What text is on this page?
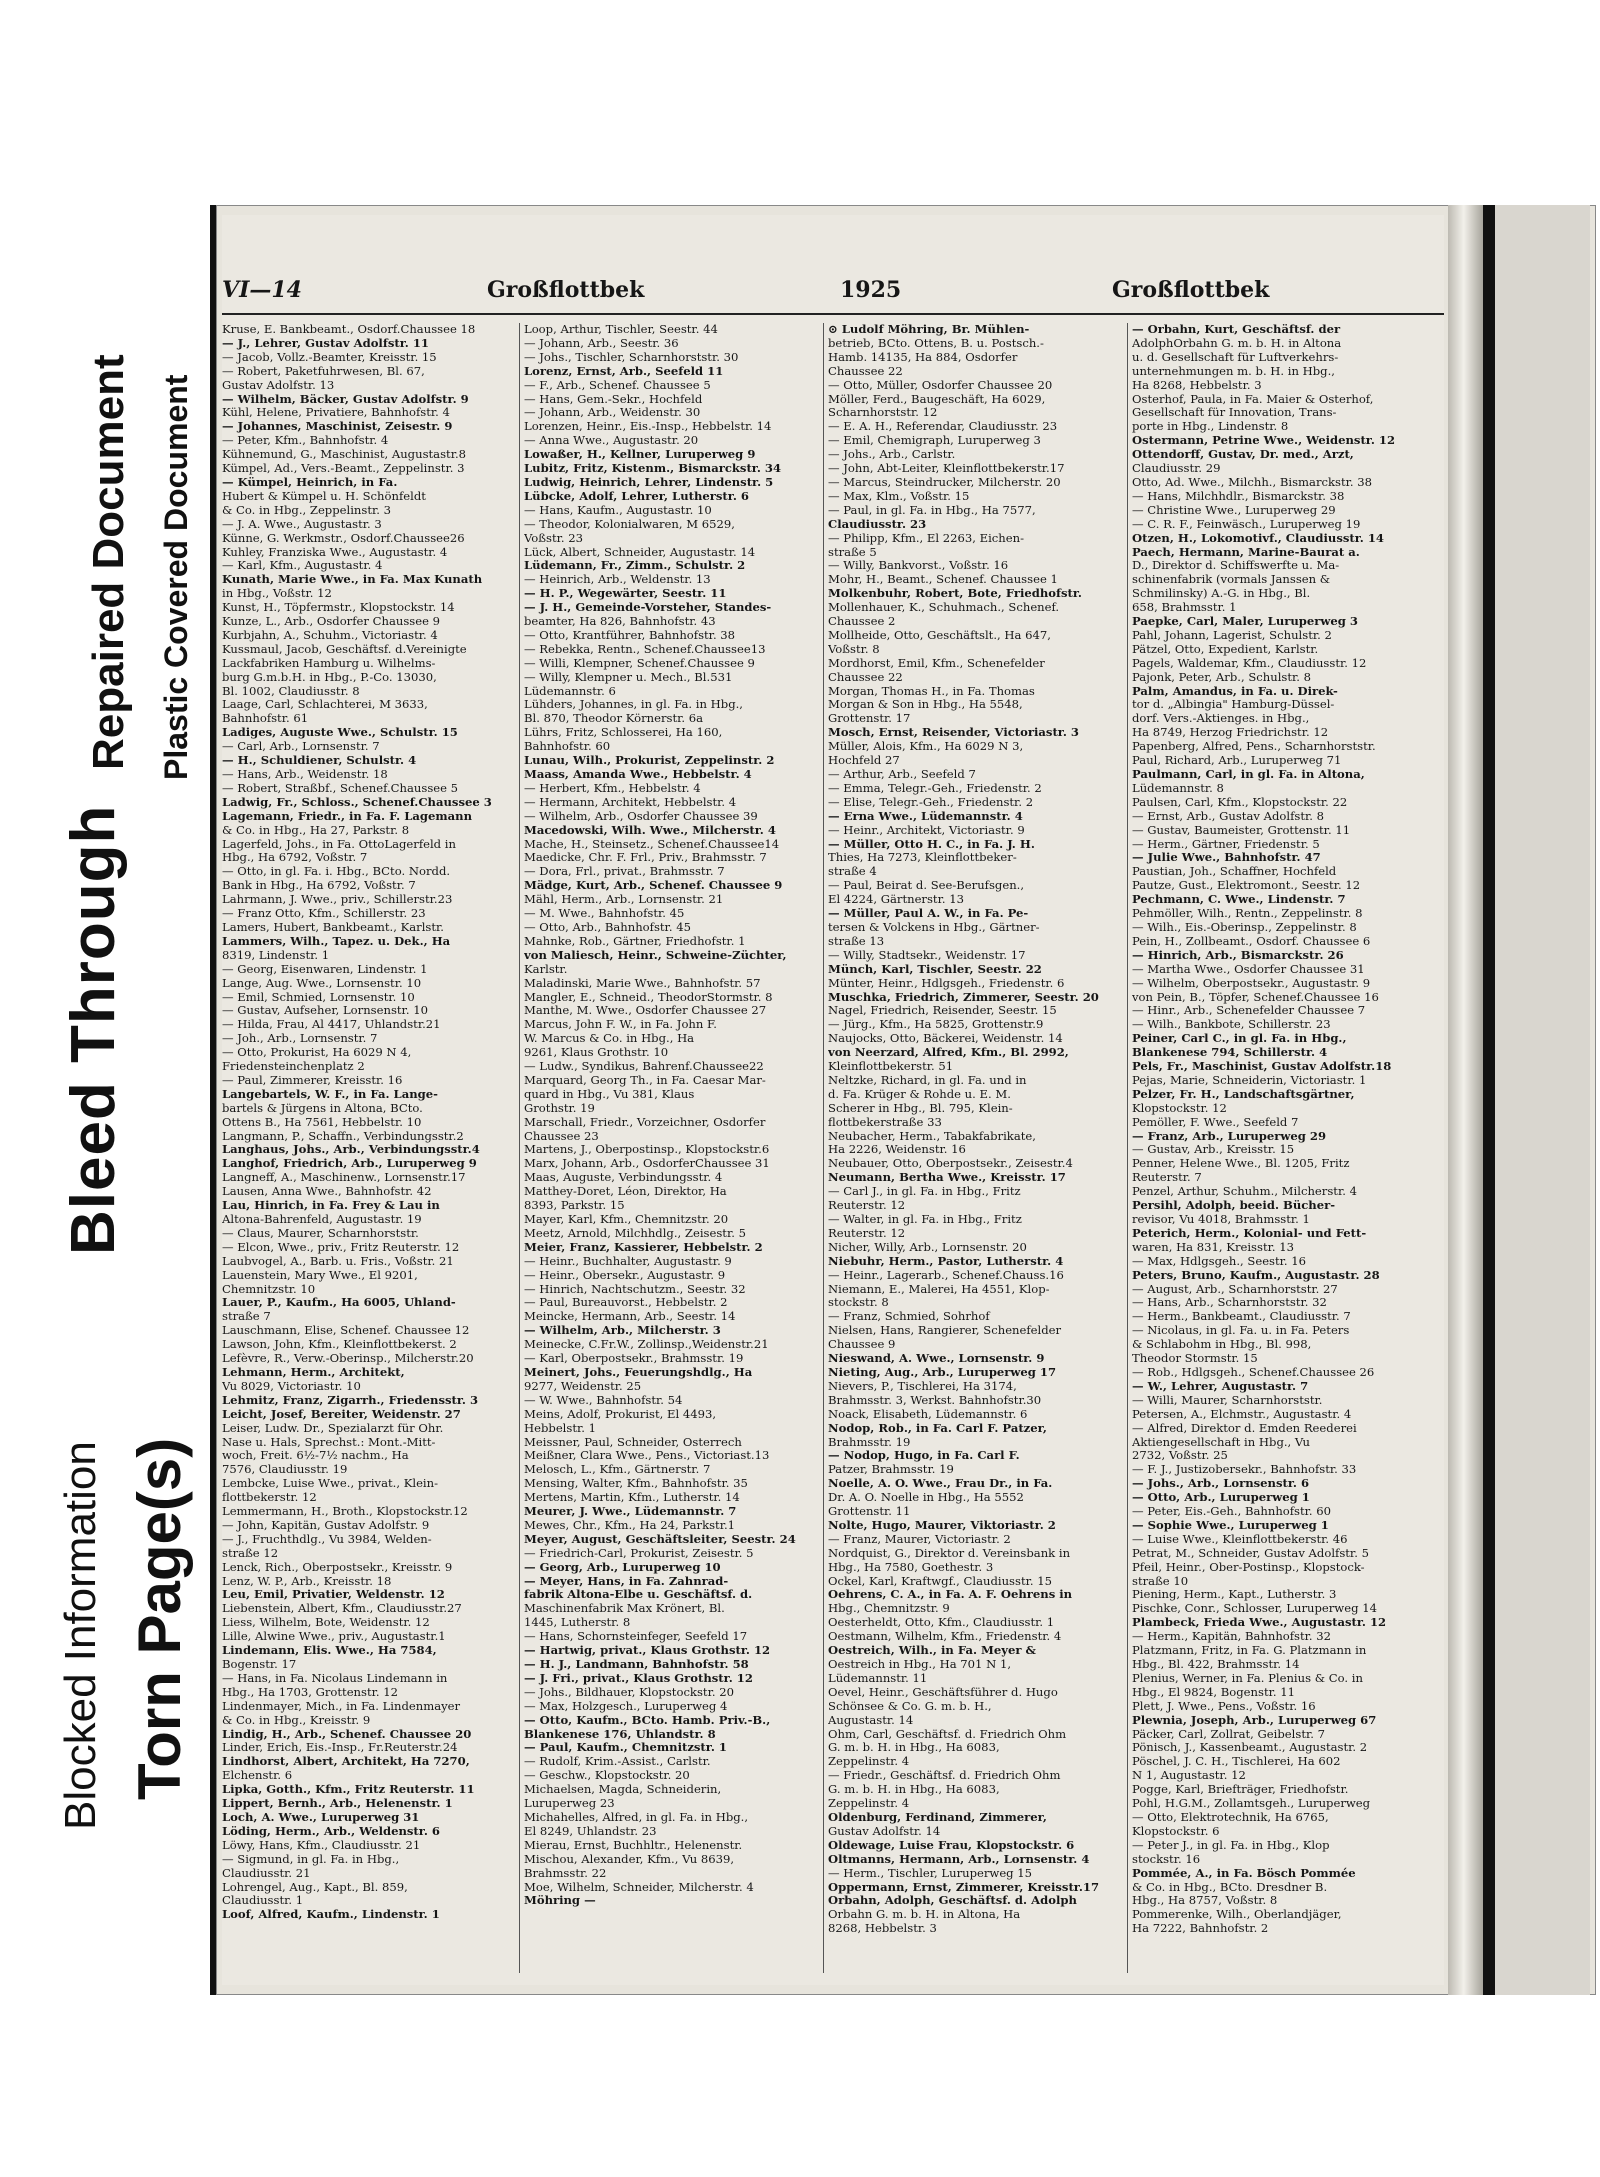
Blocked Information Torn Page(s)
Bleed Through
Repaired Document Plastic Covered Document
VI—14	Großflottbek	1925	Großflottbek
Kruse, E. Bankbeamt., Osdorf.Chaussee 18
— J., Lehrer, Gustav Adolfstr. 11
— Jacob, Vollz.-Beamter, Kreisstr. 15
— Robert, Paketfuhrwesen, Bl. 67,
Gustav Adolfstr. 13
— Wilhelm, Bäcker, Gustav Adolfstr. 9
Kühl, Helene, Privatiere, Bahnhofstr. 4
— Johannes, Maschinist, Zeisestr. 9
— Peter, Kfm., Bahnhofstr. 4
Kühnemund, G., Maschinist, Augustastr.8
Kümpel, Ad., Vers.-Beamt., Zeppelinstr. 3
— Kümpel, Heinrich, in Fa.
Hubert & Kümpel u. H. Schönfeldt
& Co. in Hbg., Zeppelinstr. 3
— J. A. Wwe., Augustastr. 3
Künne, G. Werkmstr., Osdorf.Chaussee26
Kuhley, Franziska Wwe., Augustastr. 4
— Karl, Kfm., Augustastr. 4
Kunath, Marie Wwe., in Fa. Max Kunath
in Hbg., Voßstr. 12
Kunst, H., Töpfermstr., Klopstockstr. 14
Kunze, L., Arb., Osdorfer Chaussee 9
Kurbjahn, A., Schuhm., Victoriastr. 4
Kussmaul, Jacob, Geschäftsf. d.Vereinigte
Lackfabriken Hamburg u. Wilhelms-
burg G.m.b.H. in Hbg., P.-Co. 13030,
Bl. 1002, Claudiusstr. 8
Laage, Carl, Schlachterei, M 3633,
Bahnhofstr. 61
Ladiges, Auguste Wwe., Schulstr. 15
— Carl, Arb., Lornsenstr. 7
— H., Schuldiener, Schulstr. 4
— Hans, Arb., Weidenstr. 18
— Robert, Straßbf., Schenef.Chaussee 5
Ladwig, Fr., Schloss., Schenef.Chaussee 3
Lagemann, Friedr., in Fa. F. Lagemann
& Co. in Hbg., Ha 27, Parkstr. 8
Lagerfeld, Johs., in Fa. OttoLagerfeld in
Hbg., Ha 6792, Voßstr. 7
— Otto, in gl. Fa. i. Hbg., BCto. Nordd.
Bank in Hbg., Ha 6792, Voßstr. 7
Lahrmann, J. Wwe., priv., Schillerstr.23
— Franz Otto, Kfm., Schillerstr. 23
Lamers, Hubert, Bankbeamt., Karlstr.
Lammers, Wilh., Tapez. u. Dek., Ha
8319, Lindenstr. 1
— Georg, Eisenwaren, Lindenstr. 1
Lange, Aug. Wwe., Lornsenstr. 10
— Emil, Schmied, Lornsenstr. 10
— Gustav, Aufseher, Lornsenstr. 10
— Hilda, Frau, Al 4417, Uhlandstr.21
— Joh., Arb., Lornsenstr. 7
— Otto, Prokurist, Ha 6029 N 4,
Friedensteinchenplatz 2
— Paul, Zimmerer, Kreisstr. 16
Langebartels, W. F., in Fa. Lange-
bartels & Jürgens in Altona, BCto.
Ottens B., Ha 7561, Hebbelstr. 10
Langmann, P., Schaffn., Verbindungsstr.2
Langhaus, Johs., Arb., Verbindungsstr.4
Langhof, Friedrich, Arb., Luruperweg 9
Langneff, A., Maschinenw., Lornsenstr.17
Lausen, Anna Wwe., Bahnhofstr. 42
Lau, Hinrich, in Fa. Frey & Lau in
Altona-Bahrenfeld, Augustastr. 19
— Claus, Maurer, Scharnhorststr.
— Elcon, Wwe., priv., Fritz Reuterstr. 12
Laubvogel, A., Barb. u. Fris., Voßstr. 21
Lauenstein, Mary Wwe., El 9201,
Chemnitzstr. 10
Lauer, P., Kaufm., Ha 6005, Uhland-
straße 7
Lauschmann, Elise, Schenef. Chaussee 12
Lawson, John, Kfm., Kleinflottbekerst. 2
Lefèvre, R., Verw.-Oberinsp., Milcherstr.20
Lehmann, Herm., Architekt,
Vu 8029, Victoriastr. 10
Lehmitz, Franz, Zigarrh., Friedensstr. 3
Leicht, Josef, Bereiter, Weidenstr. 27
Leiser, Ludw. Dr., Spezialarzt für Ohr.
Nase u. Hals, Sprechst.: Mont.-Mitt-
woch, Freit. 6½-7½ nachm., Ha
7576, Claudiusstr. 19
Lembcke, Luise Wwe., privat., Klein-
flottbekerstr. 12
Lemmermann, H., Broth., Klopstockstr.12
— John, Kapitän, Gustav Adolfstr. 9
— J., Fruchthdlg., Vu 3984, Welden-
straße 12
Lenck, Rich., Oberpostsekr., Kreisstr. 9
Lenz, W. P., Arb., Kreisstr. 18
Leu, Emil, Privatier, Weldenstr. 12
Liebenstein, Albert, Kfm., Claudiusstr.27
Liess, Wilhelm, Bote, Weidenstr. 12
Lille, Alwine Wwe., priv., Augustastr.1
Lindemann, Elis. Wwe., Ha 7584,
Bogenstr. 17
— Hans, in Fa. Nicolaus Lindemann in
Hbg., Ha 1703, Grottenstr. 12
Lindenmayer, Mich., in Fa. Lindenmayer
& Co. in Hbg., Kreisstr. 9
Lindig, H., Arb., Schenef. Chaussee 20
Linder, Erich, Eis.-Insp., Fr.Reuterstr.24
Lindhorst, Albert, Architekt, Ha 7270,
Elchenstr. 6
Lipka, Gotth., Kfm., Fritz Reuterstr. 11
Lippert, Bernh., Arb., Helenenstr. 1
Loch, A. Wwe., Luruperweg 31
Löding, Herm., Arb., Weldenstr. 6
Löwy, Hans, Kfm., Claudiusstr. 21
— Sigmund, in gl. Fa. in Hbg.,
Claudiusstr. 21
Lohrengel, Aug., Kapt., Bl. 859,
Claudiusstr. 1
Loof, Alfred, Kaufm., Lindenstr. 1
Loop, Arthur, Tischler, Seestr. 44
— Johann, Arb., Seestr. 36
— Johs., Tischler, Scharnhorststr. 30
Lorenz, Ernst, Arb., Seefeld 11
— F., Arb., Schenef. Chaussee 5
— Hans, Gem.-Sekr., Hochfeld
— Johann, Arb., Weidenstr. 30
Lorenzen, Heinr., Eis.-Insp., Hebbelstr. 14
— Anna Wwe., Augustastr. 20
Lowaßer, H., Kellner, Luruperweg 9
Lubitz, Fritz, Kistenm., Bismarckstr. 34
Ludwig, Heinrich, Lehrer, Lindenstr. 5
Lübcke, Adolf, Lehrer, Lutherstr. 6
— Hans, Kaufm., Augustastr. 10
— Theodor, Kolonialwaren, M 6529,
Voßstr. 23
Lück, Albert, Schneider, Augustastr. 14
Lüdemann, Fr., Zimm., Schulstr. 2
— Heinrich, Arb., Weldenstr. 13
— H. P., Wegewärter, Seestr. 11
— J. H., Gemeinde-Vorsteher, Standes-
beamter, Ha 826, Bahnhofstr. 43
— Otto, Krantführer, Bahnhofstr. 38
— Rebekka, Rentn., Schenef.Chaussee13
— Willi, Klempner, Schenef.Chaussee 9
— Willy, Klempner u. Mech., Bl.531
Lüdemannstr. 6
Lühders, Johannes, in gl. Fa. in Hbg.,
Bl. 870, Theodor Körnerstr. 6a
Lührs, Fritz, Schlosserei, Ha 160,
Bahnhofstr. 60
Lunau, Wilh., Prokurist, Zeppelinstr. 2
Maass, Amanda Wwe., Hebbelstr. 4
— Herbert, Kfm., Hebbelstr. 4
— Hermann, Architekt, Hebbelstr. 4
— Wilhelm, Arb., Osdorfer Chaussee 39
Macedowski, Wilh. Wwe., Milcherstr. 4
Mache, H., Steinsetz., Schenef.Chaussee14
Maedicke, Chr. F. Frl., Priv., Brahmsstr. 7
— Dora, Frl., privat., Brahmsstr. 7
Mädge, Kurt, Arb., Schenef. Chaussee 9
Mähl, Herm., Arb., Lornsenstr. 21
— M. Wwe., Bahnhofstr. 45
— Otto, Arb., Bahnhofstr. 45
Mahnke, Rob., Gärtner, Friedhofstr. 1
von Maliesch, Heinr., Schweine-Züchter,
Karlstr.
Maladinski, Marie Wwe., Bahnhofstr. 57
Mangler, E., Schneid., TheodorStormstr. 8
Manthe, M. Wwe., Osdorfer Chaussee 27
Marcus, John F. W., in Fa. John F.
W. Marcus & Co. in Hbg., Ha
9261, Klaus Grothstr. 10
— Ludw., Syndikus, Bahrenf.Chaussee22
Marquard, Georg Th., in Fa. Caesar Mar-
quard in Hbg., Vu 381, Klaus
Grothstr. 19
Marschall, Friedr., Vorzeichner, Osdorfer
Chaussee 23
Martens, J., Oberpostinsp., Klopstockstr.6
Marx, Johann, Arb., OsdorferChaussee 31
Maas, Auguste, Verbindungsstr. 4
Matthey-Doret, Léon, Direktor, Ha
8393, Parkstr. 15
Mayer, Karl, Kfm., Chemnitzstr. 20
Meetz, Arnold, Milchhdlg., Zeisestr. 5
Meier, Franz, Kassierer, Hebbelstr. 2
— Heinr., Buchhalter, Augustastr. 9
— Heinr., Obersekr., Augustastr. 9
— Hinrich, Nachtschutzm., Seestr. 32
— Paul, Bureauvorst., Hebbelstr. 2
Meincke, Hermann, Arb., Seestr. 14
— Wilhelm, Arb., Milcherstr. 3
Meinecke, C.Fr.W., Zollinsp.,Weidenstr.21
— Karl, Oberpostsekr., Brahmsstr. 19
Meinert, Johs., Feuerungshdlg., Ha
9277, Weidenstr. 25
— W. Wwe., Bahnhofstr. 54
Meins, Adolf, Prokurist, El 4493,
Hebbelstr. 1
Meissner, Paul, Schneider, Osterrech
Meißner, Clara Wwe., Pens., Victoriast.13
Melosch, L., Kfm., Gärtnerstr. 7
Mensing, Walter, Kfm., Bahnhofstr. 35
Mertens, Martin, Kfm., Lutherstr. 14
Meurer, J. Wwe., Lüdemannstr. 7
Mewes, Chr., Kfm., Ha 24, Parkstr.1
Meyer, August, Geschäftsleiter, Seestr. 24
— Friedrich-Carl, Prokurist, Zeisestr. 5
— Georg, Arb., Luruperweg 10
— Meyer, Hans, in Fa. Zahnrad-
fabrik Altona-Elbe u. Geschäftsf. d.
Maschinenfabrik Max Krönert, Bl.
1445, Lutherstr. 8
— Hans, Schornsteinfeger, Seefeld 17
— Hartwig, privat., Klaus Grothstr. 12
— H. J., Landmann, Bahnhofstr. 58
— J. Fri., privat., Klaus Grothstr. 12
— Johs., Bildhauer, Klopstockstr. 20
— Max, Holzgesch., Luruperweg 4
— Otto, Kaufm., BCto. Hamb. Priv.-B.,
Blankenese 176, Uhlandstr. 8
— Paul, Kaufm., Chemnitzstr. 1
— Rudolf, Krim.-Assist., Carlstr.
— Geschw., Klopstockstr. 20
Michaelsen, Magda, Schneiderin,
Luruperweg 23
Michahelles, Alfred, in gl. Fa. in Hbg.,
El 8249, Uhlandstr. 23
Mierau, Ernst, Buchhltr., Helenenstr.
Mischou, Alexander, Kfm., Vu 8639,
Brahmsstr. 22
Moe, Wilhelm, Schneider, Milcherstr. 4
Möhring —
⊙ Ludolf Möhring, Br. Mühlen-
betrieb, BCto. Ottens, B. u. Postsch.-
Hamb. 14135, Ha 884, Osdorfer
Chaussee 22
— Otto, Müller, Osdorfer Chaussee 20
Möller, Ferd., Baugeschäft, Ha 6029,
Scharnhorststr. 12
— E. A. H., Referendar, Claudiusstr. 23
— Emil, Chemigraph, Luruperweg 3
— Johs., Arb., Carlstr.
— John, Abt-Leiter, Kleinflottbekerstr.17
— Marcus, Steindrucker, Milcherstr. 20
— Max, Klm., Voßstr. 15
— Paul, in gl. Fa. in Hbg., Ha 7577,
Claudiusstr. 23
— Philipp, Kfm., El 2263, Eichen-
straße 5
— Willy, Bankvorst., Voßstr. 16
Mohr, H., Beamt., Schenef. Chaussee 1
Molkenbuhr, Robert, Bote, Friedhofstr.
Mollenhauer, K., Schuhmach., Schenef.
Chaussee 2
Mollheide, Otto, Geschäftslt., Ha 647,
Voßstr. 8
Mordhorst, Emil, Kfm., Schenefelder
Chaussee 22
Morgan, Thomas H., in Fa. Thomas
Morgan & Son in Hbg., Ha 5548,
Grottenstr. 17
Mosch, Ernst, Reisender, Victoriastr. 3
Müller, Alois, Kfm., Ha 6029 N 3,
Hochfeld 27
— Arthur, Arb., Seefeld 7
— Emma, Telegr.-Geh., Friedenstr. 2
— Elise, Telegr.-Geh., Friedenstr. 2
— Erna Wwe., Lüdemannstr. 4
— Heinr., Architekt, Victoriastr. 9
— Müller, Otto H. C., in Fa. J. H.
Thies, Ha 7273, Kleinflottbeker-
straße 4
— Paul, Beirat d. See-Berufsgen.,
El 4224, Gärtnerstr. 13
— Müller, Paul A. W., in Fa. Pe-
tersen & Volckens in Hbg., Gärtner-
straße 13
— Willy, Stadtsekr., Weidenstr. 17
Münch, Karl, Tischler, Seestr. 22
Münter, Heinr., Hdlgsgeh., Friedenstr. 6
Muschka, Friedrich, Zimmerer, Seestr. 20
Nagel, Friedrich, Reisender, Seestr. 15
— Jürg., Kfm., Ha 5825, Grottenstr.9
Naujocks, Otto, Bäckerei, Weidenstr. 14
von Neerzard, Alfred, Kfm., Bl. 2992,
Kleinflottbekerstr. 51
Neltzke, Richard, in gl. Fa. und in
d. Fa. Krüger & Rohde u. E. M.
Scherer in Hbg., Bl. 795, Klein-
flottbekerstraße 33
Neubacher, Herm., Tabakfabrikate,
Ha 2226, Weidenstr. 16
Neubauer, Otto, Oberpostsekr., Zeisestr.4
Neumann, Bertha Wwe., Kreisstr. 17
— Carl J., in gl. Fa. in Hbg., Fritz
Reuterstr. 12
— Walter, in gl. Fa. in Hbg., Fritz
Reuterstr. 12
Nicher, Willy, Arb., Lornsenstr. 20
Niebuhr, Herm., Pastor, Lutherstr. 4
— Heinr., Lagerarb., Schenef.Chauss.16
Niemann, E., Malerei, Ha 4551, Klop-
stockstr. 8
— Franz, Schmied, Sohrhof
Nielsen, Hans, Rangierer, Schenefelder
Chaussee 9
Nieswand, A. Wwe., Lornsenstr. 9
Nieting, Aug., Arb., Luruperweg 17
Nievers, P., Tischlerei, Ha 3174,
Brahmsstr. 3, Werkst. Bahnhofstr.30
Noack, Elisabeth, Lüdemannstr. 6
Nodop, Rob., in Fa. Carl F. Patzer,
Brahmsstr. 19
— Nodop, Hugo, in Fa. Carl F.
Patzer, Brahmsstr. 19
Noelle, A. O. Wwe., Frau Dr., in Fa.
Dr. A. O. Noelle in Hbg., Ha 5552
Grottenstr. 11
Nolte, Hugo, Maurer, Viktoriastr. 2
— Franz, Maurer, Victoriastr. 2
Nordquist, G., Direktor d. Vereinsbank in
Hbg., Ha 7580, Goethestr. 3
Ockel, Karl, Kraftwgf., Claudiusstr. 15
Oehrens, C. A., in Fa. A. F. Oehrens in
Hbg., Chemnitzstr. 9
Oesterheldt, Otto, Kfm., Claudiusstr. 1
Oestmann, Wilhelm, Kfm., Friedenstr. 4
Oestreich, Wilh., in Fa. Meyer &
Oestreich in Hbg., Ha 701 N 1,
Lüdemannstr. 11
Oevel, Heinr., Geschäftsführer d. Hugo
Schönsee & Co. G. m. b. H.,
Augustastr. 14
Ohm, Carl, Geschäftsf. d. Friedrich Ohm
G. m. b. H. in Hbg., Ha 6083,
Zeppelinstr. 4
— Friedr., Geschäftsf. d. Friedrich Ohm
G. m. b. H. in Hbg., Ha 6083,
Zeppelinstr. 4
Oldenburg, Ferdinand, Zimmerer,
Gustav Adolfstr. 14
Oldewage, Luise Frau, Klopstockstr. 6
Oltmanns, Hermann, Arb., Lornsenstr. 4
— Herm., Tischler, Luruperweg 15
Oppermann, Ernst, Zimmerer, Kreisstr.17
Orbahn, Adolph, Geschäftsf. d. Adolph
Orbahn G. m. b. H. in Altona, Ha
8268, Hebbelstr. 3
— Orbahn, Kurt, Geschäftsf. der
AdolphOrbahn G. m. b. H. in Altona
u. d. Gesellschaft für Luftverkehrs-
unternehmungen m. b. H. in Hbg.,
Ha 8268, Hebbelstr. 3
Osterhof, Paula, in Fa. Maier & Osterhof,
Gesellschaft für Innovation, Trans-
porte in Hbg., Lindenstr. 8
Ostermann, Petrine Wwe., Weidenstr. 12
Ottendorff, Gustav, Dr. med., Arzt,
Claudiusstr. 29
Otto, Ad. Wwe., Milchh., Bismarckstr. 38
— Hans, Milchhdlr., Bismarckstr. 38
— Christine Wwe., Luruperweg 29
— C. R. F., Feinwäsch., Luruperweg 19
Otzen, H., Lokomotivf., Claudiusstr. 14
Paech, Hermann, Marine-Baurat a.
D., Direktor d. Schiffswerfte u. Ma-
schinenfabrik (vormals Janssen &
Schmilinsky) A.-G. in Hbg., Bl.
658, Brahmsstr. 1
Paepke, Carl, Maler, Luruperweg 3
Pahl, Johann, Lagerist, Schulstr. 2
Pätzel, Otto, Expedient, Karlstr.
Pagels, Waldemar, Kfm., Claudiusstr. 12
Pajonk, Peter, Arb., Schulstr. 8
Palm, Amandus, in Fa. u. Direk-
tor d. „Albingia" Hamburg-Düssel-
dorf. Vers.-Aktienges. in Hbg.,
Ha 8749, Herzog Friedrichstr. 12
Papenberg, Alfred, Pens., Scharnhorststr.
Paul, Richard, Arb., Luruperweg 71
Paulmann, Carl, in gl. Fa. in Altona,
Lüdemannstr. 8
Paulsen, Carl, Kfm., Klopstockstr. 22
— Ernst, Arb., Gustav Adolfstr. 8
— Gustav, Baumeister, Grottenstr. 11
— Herm., Gärtner, Friedenstr. 5
— Julie Wwe., Bahnhofstr. 47
Paustian, Joh., Schaffner, Hochfeld
Pautze, Gust., Elektromont., Seestr. 12
Pechmann, C. Wwe., Lindenstr. 7
Pehmöller, Wilh., Rentn., Zeppelinstr. 8
— Wilh., Eis.-Oberinsp., Zeppelinstr. 8
Pein, H., Zollbeamt., Osdorf. Chaussee 6
— Hinrich, Arb., Bismarckstr. 26
— Martha Wwe., Osdorfer Chaussee 31
— Wilhelm, Oberpostsekr., Augustastr. 9
von Pein, B., Töpfer, Schenef.Chaussee 16
— Hinr., Arb., Schenefelder Chaussee 7
— Wilh., Bankbote, Schillerstr. 23
Peiner, Carl C., in gl. Fa. in Hbg.,
Blankenese 794, Schillerstr. 4
Pels, Fr., Maschinist, Gustav Adolfstr.18
Pejas, Marie, Schneiderin, Victoriastr. 1
Pelzer, Fr. H., Landschaftsgärtner,
Klopstockstr. 12
Pemöller, F. Wwe., Seefeld 7
— Franz, Arb., Luruperweg 29
— Gustav, Arb., Kreisstr. 15
Penner, Helene Wwe., Bl. 1205, Fritz
Reuterstr. 7
Penzel, Arthur, Schuhm., Milcherstr. 4
Persihl, Adolph, beeid. Bücher-
revisor, Vu 4018, Brahmsstr. 1
Peterich, Herm., Kolonial- und Fett-
waren, Ha 831, Kreisstr. 13
— Max, Hdlgsgeh., Seestr. 16
Peters, Bruno, Kaufm., Augustastr. 28
— August, Arb., Scharnhorststr. 27
— Hans, Arb., Scharnhorststr. 32
— Herm., Bankbeamt., Claudiusstr. 7
— Nicolaus, in gl. Fa. u. in Fa. Peters
& Schlabohm in Hbg., Bl. 998,
Theodor Stormstr. 15
— Rob., Hdlgsgeh., Schenef.Chaussee 26
— W., Lehrer, Augustastr. 7
— Willi, Maurer, Scharnhorststr.
Petersen, A., Elchmstr., Augustastr. 4
— Alfred, Direktor d. Emden Reederei
Aktiengesellschaft in Hbg., Vu
2732, Voßstr. 25
— F. J., Justizobersekr., Bahnhofstr. 33
— Johs., Arb., Lornsenstr. 6
— Otto, Arb., Luruperweg 1
— Peter, Eis.-Geh., Bahnhofstr. 60
— Sophie Wwe., Luruperweg 1
— Luise Wwe., Kleinflottbekerstr. 46
Petrat, M., Schneider, Gustav Adolfstr. 5
Pfeil, Heinr., Ober-Postinsp., Klopstock-
straße 10
Piening, Herm., Kapt., Lutherstr. 3
Pischke, Conr., Schlosser, Luruperweg 14
Plambeck, Frieda Wwe., Augustastr. 12
— Herm., Kapitän, Bahnhofstr. 32
Platzmann, Fritz, in Fa. G. Platzmann in
Hbg., Bl. 422, Brahmsstr. 14
Plenius, Werner, in Fa. Plenius & Co. in
Hbg., El 9824, Bogenstr. 11
Plett, J. Wwe., Pens., Voßstr. 16
Plewnia, Joseph, Arb., Luruperweg 67
Päcker, Carl, Zollrat, Geibelstr. 7
Pönisch, J., Kassenbeamt., Augustastr. 2
Pöschel, J. C. H., Tischlerei, Ha 602
N 1, Augustastr. 12
Pogge, Karl, Briefträger, Friedhofstr.
Pohl, H.G.M., Zollamtsgeh., Luruperweg
— Otto, Elektrotechnik, Ha 6765,
Klopstockstr. 6
— Peter J., in gl. Fa. in Hbg., Klop
stockstr. 16
Pommée, A., in Fa. Bösch Pommée
& Co. in Hbg., BCto. Dresdner B.
Hbg., Ha 8757, Voßstr. 8
Pommerenke, Wilh., Oberlandjäger,
Ha 7222, Bahnhofstr. 2
